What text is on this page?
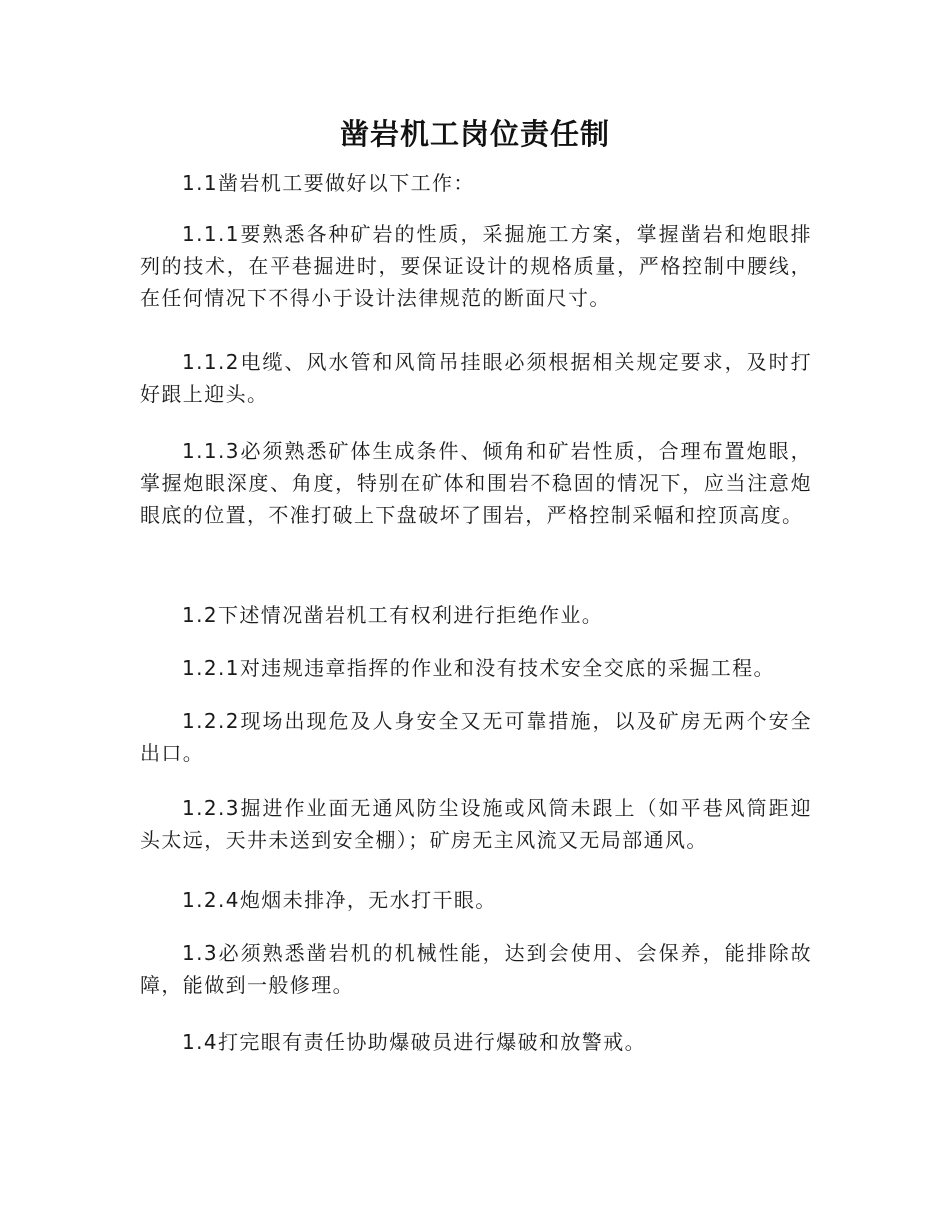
凿岩机工岗位责任制

1.1凿岩机工要做好以下工作：

1.1.1要熟悉各种矿岩的性质，采掘施工方案，掌握凿岩和炮眼排列的技术，在平巷掘进时，要保证设计的规格质量，严格控制中腰线，在任何情况下不得小于设计法律规范的断面尺寸。

1.1.2电缆、风水管和风筒吊挂眼必须根据相关规定要求，及时打好跟上迎头。

1.1.3必须熟悉矿体生成条件、倾角和矿岩性质，合理布置炮眼，掌握炮眼深度、角度，特别在矿体和围岩不稳固的情况下，应当注意炮眼底的位置，不准打破上下盘破坏了围岩，严格控制采幅和控顶高度。

1.2下述情况凿岩机工有权利进行拒绝作业。

1.2.1对违规违章指挥的作业和没有技术安全交底的采掘工程。

1.2.2现场出现危及人身安全又无可靠措施，以及矿房无两个安全出口。

1.2.3掘进作业面无通风防尘设施或风筒未跟上（如平巷风筒距迎头太远，天井未送到安全棚）；矿房无主风流又无局部通风。

1.2.4炮烟未排净，无水打干眼。

1.3必须熟悉凿岩机的机械性能，达到会使用、会保养，能排除故障，能做到一般修理。

1.4打完眼有责任协助爆破员进行爆破和放警戒。
